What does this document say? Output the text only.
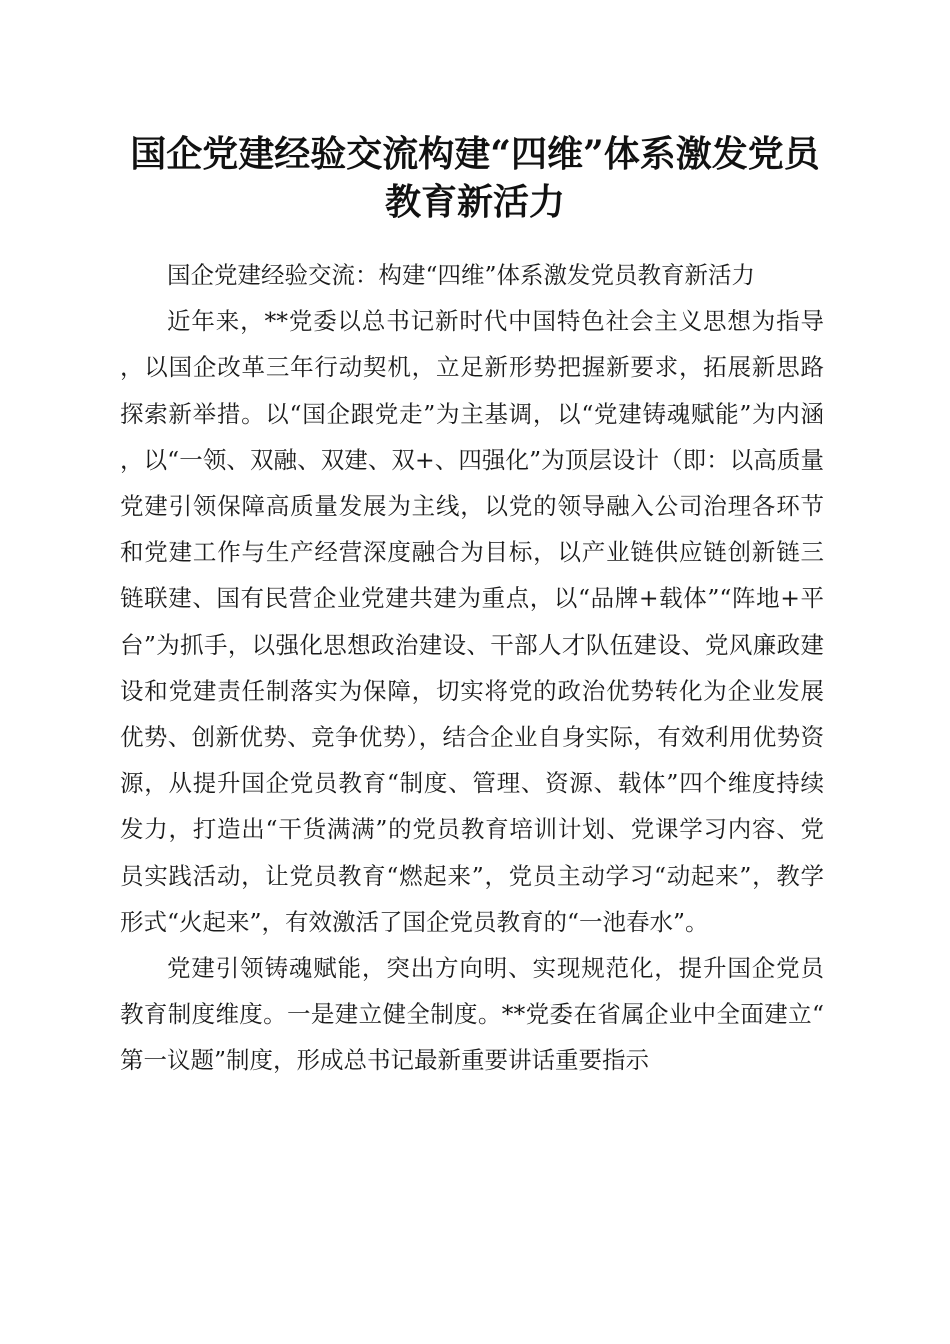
国企党建经验交流构建“四维”体系激发党员
教育新活力

国企党建经验交流：构建“四维”体系激发党员教育新活力

近年来，**党委以总书记新时代中国特色社会主义思想为指导，以国企改革三年行动契机，立足新形势把握新要求，拓展新思路探索新举措。以“国企跟党走”为主基调，以“党建铸魂赋能”为内涵，以“一领、双融、双建、双+、四强化”为顶层设计（即：以高质量党建引领保障高质量发展为主线，以党的领导融入公司治理各环节和党建工作与生产经营深度融合为目标，以产业链供应链创新链三链联建、国有民营企业党建共建为重点，以“品牌+载体”“阵地+平台”为抓手，以强化思想政治建设、干部人才队伍建设、党风廉政建设和党建责任制落实为保障，切实将党的政治优势转化为企业发展优势、创新优势、竞争优势），结合企业自身实际，有效利用优势资源，从提升国企党员教育“制度、管理、资源、载体”四个维度持续发力，打造出“干货满满”的党员教育培训计划、党课学习内容、党员实践活动，让党员教育“燃起来”，党员主动学习“动起来”，教学形式“火起来”，有效激活了国企党员教育的“一池春水”。

党建引领铸魂赋能，突出方向明、实现规范化，提升国企党员教育制度维度。一是建立健全制度。**党委在省属企业中全面建立“第一议题”制度，形成总书记最新重要讲话重要指示
